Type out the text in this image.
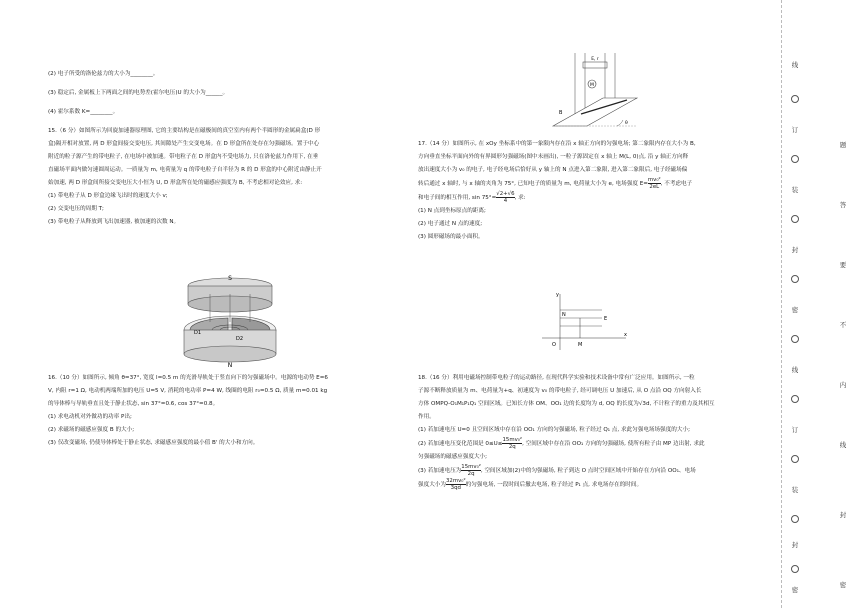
(2) 电子所受的洛伦兹力的大小为________。

(3) 稳定后, 金属板上下两面之间的电势差(霍尔电压)U 的大小为______。

(4) 霍尔系数 K=________。

15.（6 分）如图所示为回旋加速器原理图, 它的主要结构是在磁极间的真空室内有两个半圆形的金属扁盒(D 形

盒)隔开相对放置, 两 D 形盒间接交变电压, 其间隙处产生交变电场。在 D 形盒所在处存在匀强磁场。置于中心

附近的粒子源产生的带电粒子, 在电场中被加速。带电粒子在 D 形盒内不受电场力, 只在洛伦兹力作用下, 在垂

直磁场平面内做匀速圆周运动。一质量为 m, 电荷量为 q 的带电粒子自半径为 R 的 D 形盒的中心附近由静止开

始加速, 两 D 形盒间所接交变电压大小恒为 U, D 形盒所在处的磁感应强度为 B, 不考虑相对论效应, 求:

(1) 带电粒子从 D 形盒边缘飞出时的速度大小 v;

(2) 交变电压的周期 T;

(3) 带电粒子从释放到飞出加速器, 被加速的次数 N。

S
N
D1
D2

16.（10 分）如图所示, 倾角 θ=37°, 宽度 l=0.5 m 的光滑导轨处于竖直向下的匀强磁场中。电源的电动势 E=6

V, 内阻 r=1 Ω, 电动机两端所加的电压 U=5 V, 消耗的电功率 P=4 W, 线圈的电阻 r₀=0.5 Ω, 质量 m=0.01 kg

的导体棒与导轨垂直且处于静止状态, sin 37°=0.6, cos 37°=0.8。

(1) 求电动机对外做功的功率 P出;

(2) 求磁场的磁感应强度 B 的大小;

(3) 仅改变磁场, 仍使导体棒处于静止状态, 求磁感应强度的最小值 B' 的大小和方向。

M
E, r
B
θ

17.（14 分）如图所示, 在 xOy 坐标系中的第一象限内存在沿 x 轴正方向的匀强电场; 第二象限内存在大小为 B,

方向垂直坐标平面向外的有界圆形匀强磁场(图中未画出), 一粒子源固定在 x 轴上 M(L, 0)点, 沿 y 轴正方向释

放出速度大小为 v₀ 的电子, 电子经电场后恰好从 y 轴上的 N 点进入第二象限, 进入第二象限后, 电子经磁场偏

转后通过 x 轴时, 与 x 轴的夹角为 75°, 已知电子的质量为 m, 电荷量大小为 e, 电场强度 $E= \frac{\text{mv₀²}}{2eL}$ , 不考虑电子

和电子间的相互作用, $\sin 75^\circ= \frac{√2+√6}{4}$ , 求:

(1) N 点到坐标原点的距离;

(2) 电子通过 N 点的速度;

(3) 圆形磁场的最小面积。

y
x
O	M
N
E

18.（16 分）利用电磁场控制带电粒子的运动路径, 在现代科学实验和技术设备中常有广泛应用。如图所示, 一粒

子源不断释放质量为 m、电荷量为+q、初速度为 v₀ 的带电粒子, 经可调电压 U 加速后, 从 O 点沿 OQ 方向射入长

方体 OMPQ-O₁M₁P₁Q₁ 空间区域。已知长方体 OM、OO₁ 边的长度均为 d, OQ 的长度为√3d, 不计粒子的重力及其相互

作用。

(1) 若加速电压 U=0 且空间区域中存在沿 OO₁ 方向的匀强磁场, 粒子经过 Q₁ 点, 求此匀强电场场强度的大小;

(2) 若加速电压变化范围是 $0\le U\le \frac{\text{15mv₀²}}{2q}$ , 空间区域中存在沿 OO₁ 方向的匀强磁场, 使所有粒子由 MP 边出射, 求此

匀强磁场的磁感应强度大小;

(3) 若加速电压为 $\frac{\text{15mv₀²}}{2q}$ , 空间区域加(2)中的匀强磁场, 粒子到达 O 点时空间区域中开始存在方向沿 OO₁、电场

强度大小为 $\frac{\text{32mv₀²}}{3qd}$ 的匀强电场, 一段时间后撤去电场, 粒子经过 P₁ 点, 求电场存在的时间。

线
订
装
封
密
线
订
装
封
密
题
答
要
不
内
线
封
密
